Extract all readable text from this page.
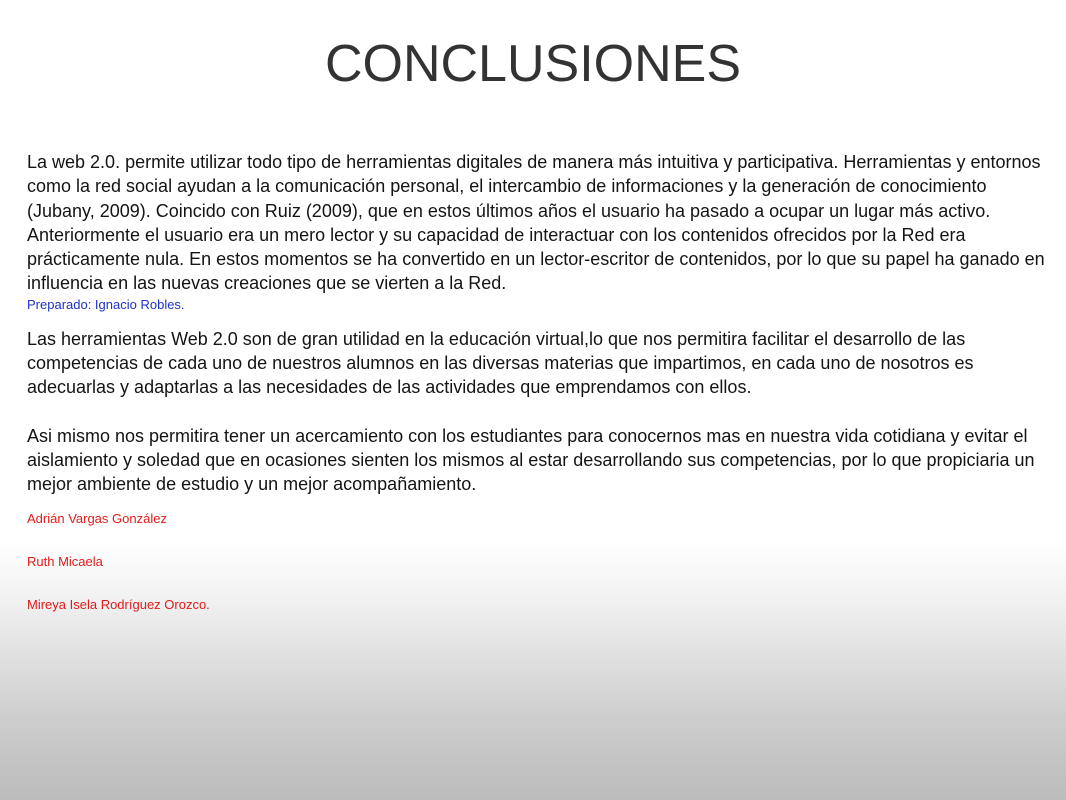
CONCLUSIONES

La web 2.0. permite utilizar todo tipo de herramientas digitales de manera más intuitiva y participativa. Herramientas y entornos como la red social ayudan a la comunicación personal, el intercambio de informaciones y la generación de conocimiento (Jubany, 2009). Coincido con Ruiz (2009), que en estos últimos años el usuario ha pasado a ocupar un lugar más activo. Anteriormente el usuario era un mero lector y su capacidad de interactuar con los contenidos ofrecidos por la Red era prácticamente nula. En estos momentos se ha convertido en un lector-escritor de contenidos, por lo que su papel ha ganado en influencia en las nuevas creaciones que se vierten a la Red.

Preparado: Ignacio Robles.

Las herramientas Web 2.0 son de gran utilidad en la educación virtual,lo que nos permitira facilitar el desarrollo de las competencias de cada uno de nuestros alumnos en las diversas materias que impartimos, en cada uno de nosotros es adecuarlas y adaptarlas a las necesidades de las actividades que emprendamos con ellos.

Asi mismo nos permitira tener un acercamiento con los estudiantes para conocernos mas en nuestra vida cotidiana y evitar el aislamiento y soledad que en ocasiones sienten los mismos al estar desarrollando sus competencias, por lo que propiciaria un mejor ambiente de estudio y un mejor acompañamiento.

Adrián Vargas González

Ruth Micaela

Mireya Isela Rodríguez Orozco.
